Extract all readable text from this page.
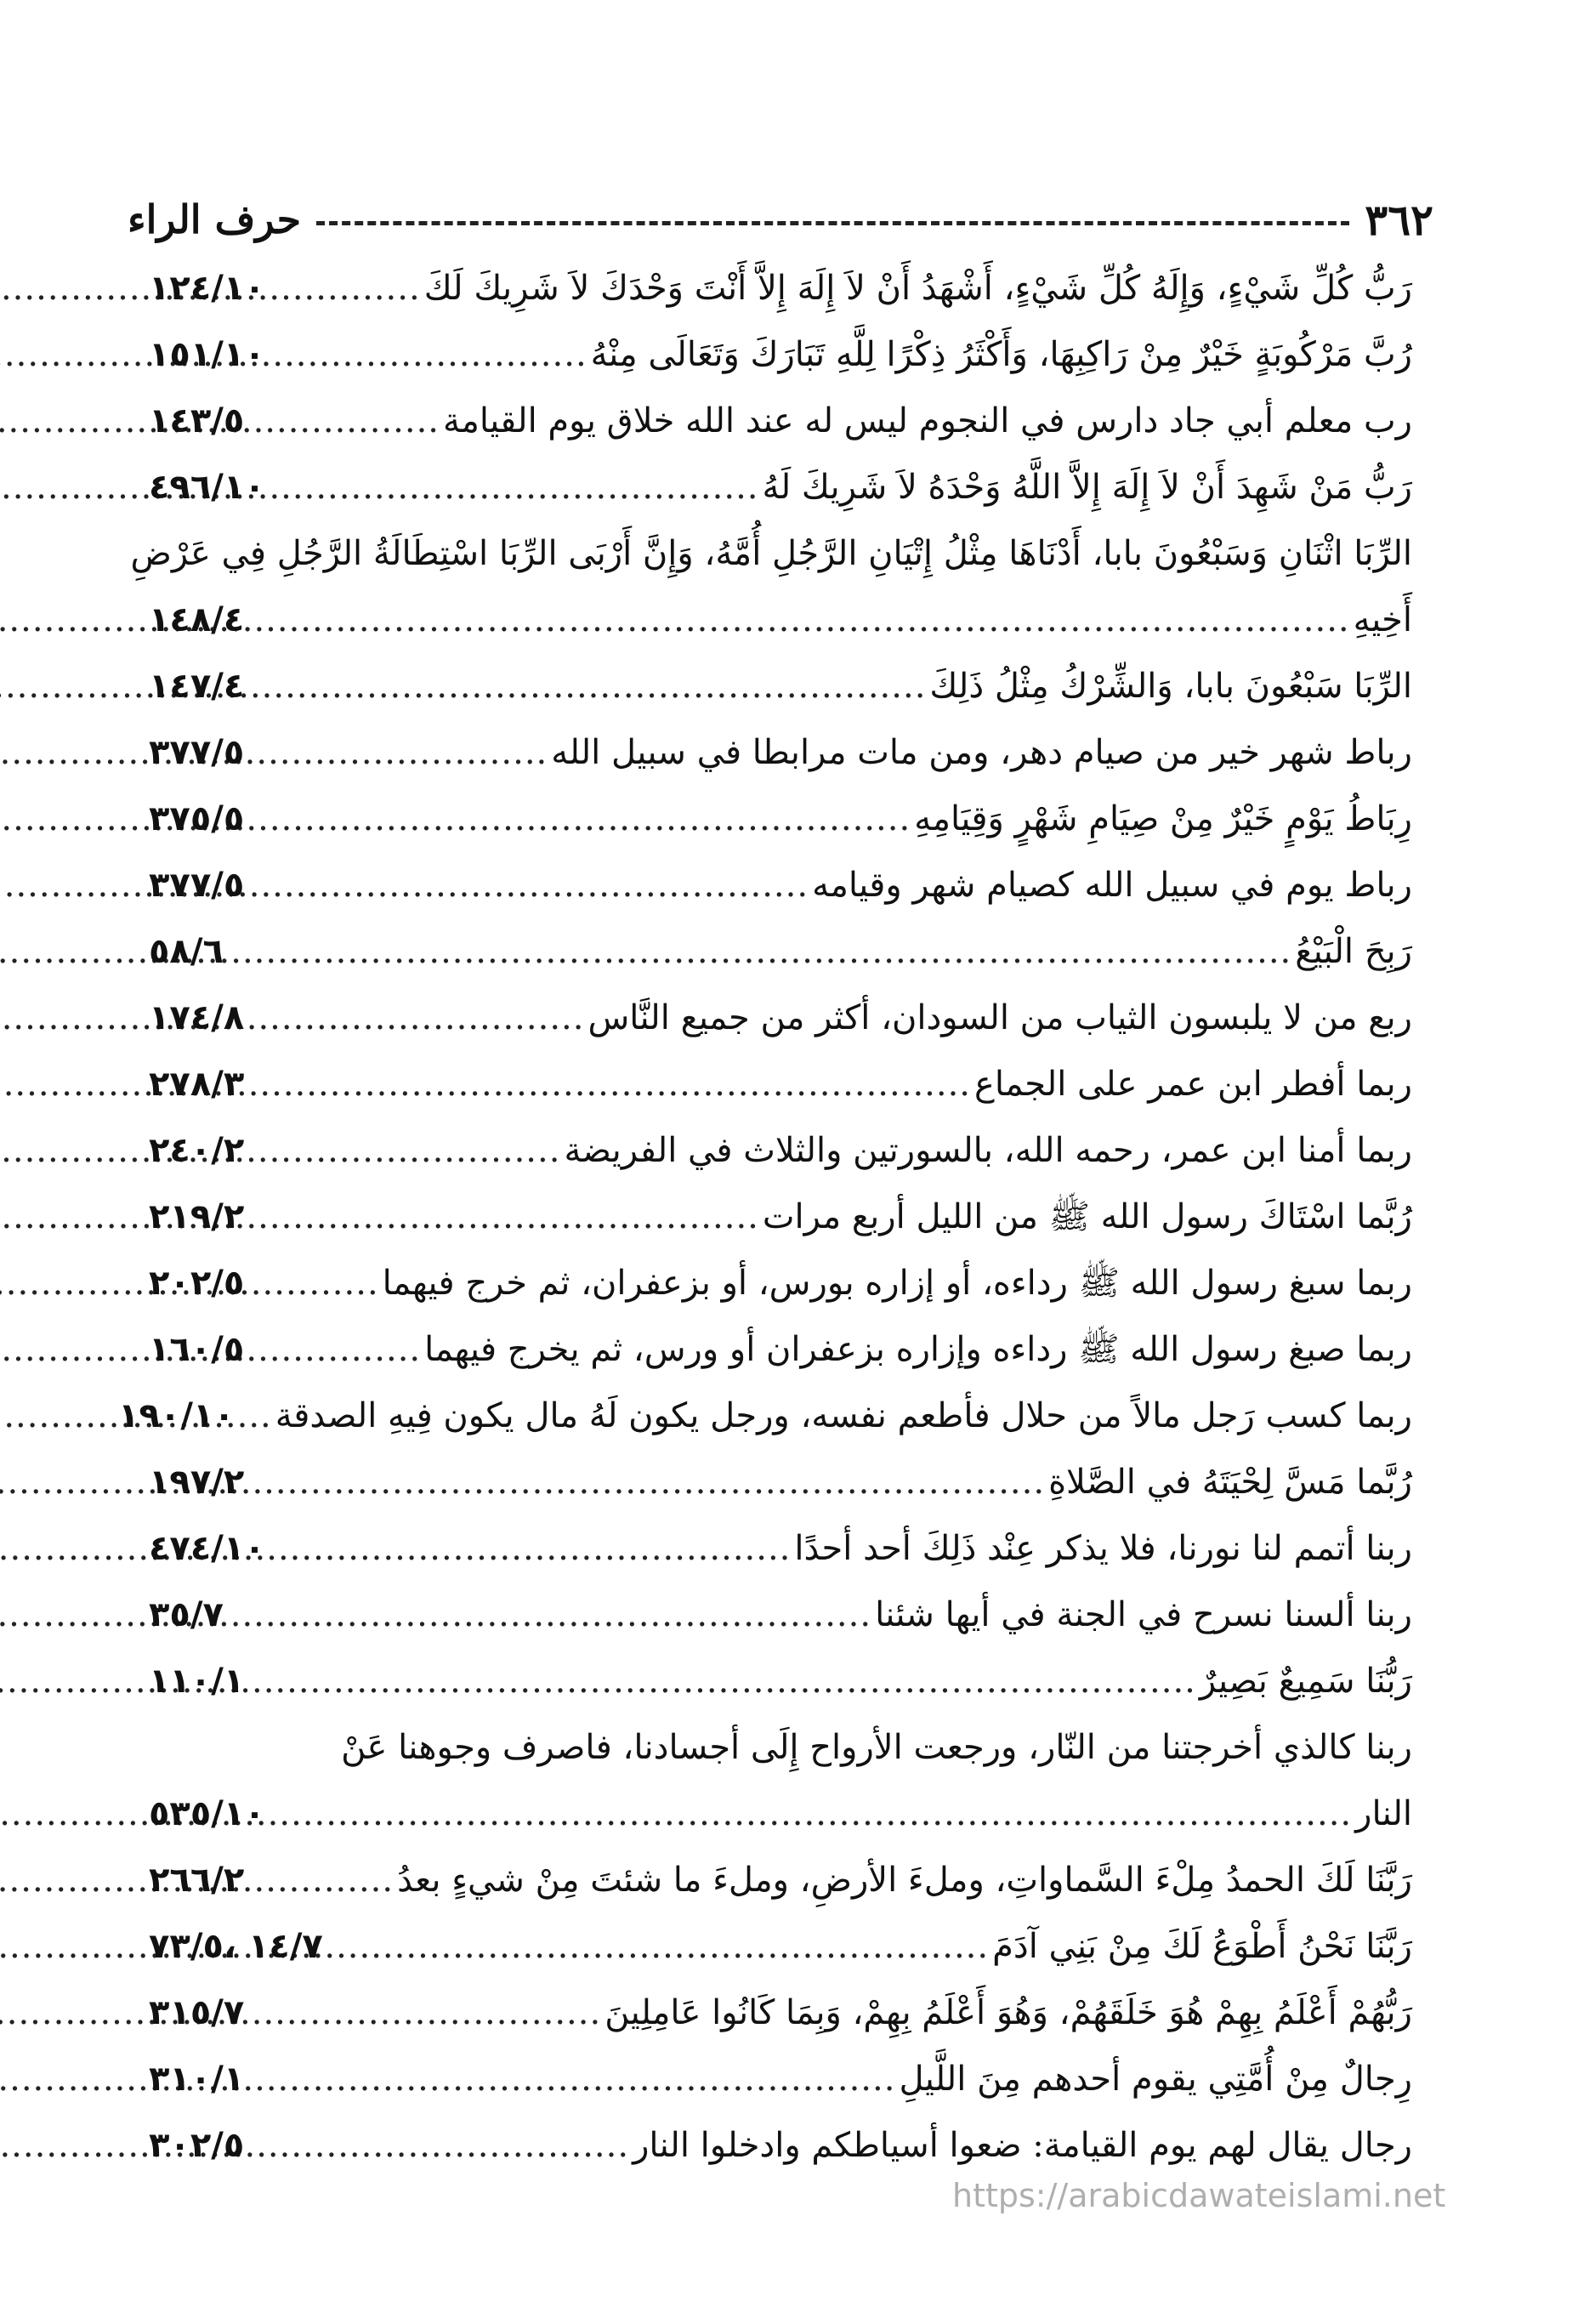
حرف الراء	٣٦٢
رَبُّ كُلِّ شَيْءٍ، وَإِلَهُ كُلِّ شَيْءٍ، أَشْهَدُ أَنْ لاَ إِلَهَ إِلاَّ أَنْتَ وَحْدَكَ لاَ شَرِيكَ لَكَ
.....
١٢٤/١٠
رُبَّ مَرْكُوبَةٍ خَيْرٌ مِنْ رَاكِبِهَا، وَأَكْثَرُ ذِكْرًا لِلَّهِ تَبَارَكَ وَتَعَالَى مِنْهُ
.....
١٥١/١٠
رب معلم أبي جاد دارس في النجوم ليس له عند الله خلاق يوم القيامة
.....
١٤٣/٥
رَبُّ مَنْ شَهِدَ أَنْ لاَ إِلَهَ إِلاَّ اللَّهُ وَحْدَهُ لاَ شَرِيكَ لَهُ
.....
٤٩٦/١٠
الرِّبَا اثْنَانِ وَسَبْعُونَ بابا، أَدْنَاهَا مِثْلُ إِتْيَانِ الرَّجُلِ أُمَّهُ، وَإِنَّ أَرْبَى الرِّبَا اسْتِطَالَةُ الرَّجُلِ فِي عَرْضِ
أَخِيهِ
.....
١٤٨/٤
الرِّبَا سَبْعُونَ بابا، وَالشِّرْكُ مِثْلُ ذَلِكَ
.....
١٤٧/٤
رباط شهر خير من صيام دهر، ومن مات مرابطا في سبيل الله
.....
٣٧٧/٥
رِبَاطُ يَوْمٍ خَيْرٌ مِنْ صِيَامِ شَهْرٍ وَقِيَامِهِ
.....
٣٧٥/٥
رباط يوم في سبيل الله كصيام شهر وقيامه
.....
٣٧٧/٥
رَبِحَ الْبَيْعُ
.....
٥٨/٦
ربع من لا يلبسون الثياب من السودان، أكثر من جميع النَّاس
.....
١٧٤/٨
ربما أفطر ابن عمر على الجماع
.....
٢٧٨/٣
ربما أمنا ابن عمر، رحمه الله، بالسورتين والثلاث في الفريضة
.....
٢٤٠/٢
رُبَّما اسْتَاكَ رسول الله ﷺ من الليل أربع مرات
.....
٢١٩/٢
ربما سبغ رسول الله ﷺ رداءه، أو إزاره بورس، أو بزعفران، ثم خرج فيهما
.....
٢٠٢/٥
ربما صبغ رسول الله ﷺ رداءه وإزاره بزعفران أو ورس، ثم يخرج فيهما
.....
١٦٠/٥
ربما كسب رَجل مالاً من حلال فأطعم نفسه، ورجل يكون لَهُ مال يكون فِيهِ الصدقة
.....
١٩٠/١٠
رُبَّما مَسَّ لِحْيَتَهُ في الصَّلاةِ
.....
١٩٧/٢
ربنا أتمم لنا نورنا، فلا يذكر عِنْد ذَلِكَ أحد أحدًا
.....
٤٧٤/١٠
ربنا ألسنا نسرح في الجنة في أيها شئنا
.....
٣٥/٧
رَبُّنَا سَمِيعٌ بَصِيرٌ
.....
١١٠/١
ربنا كالذي أخرجتنا من النّار، ورجعت الأرواح إِلَى أجسادنا، فاصرف وجوهنا عَنْ
النار
.....
٥٣٥/١٠
رَبَّنَا لَكَ الحمدُ مِلْءَ السَّماواتِ، وملءَ الأرضِ، وملءَ ما شئتَ مِنْ شيءٍ بعدُ
.....
٢٦٦/٢
رَبَّنَا نَحْنُ أَطْوَعُ لَكَ مِنْ بَنِي آدَمَ
.....
١٤/٧ ،٧٣/٥
رَبُّهُمْ أَعْلَمُ بِهِمْ هُوَ خَلَقَهُمْ، وَهُوَ أَعْلَمُ بِهِمْ، وَبِمَا كَانُوا عَامِلِينَ
.....
٣١٥/٧
رِجالٌ مِنْ أُمَّتِي يقوم أحدهم مِنَ اللَّيلِ
.....
٣١٠/١
رجال يقال لهم يوم القيامة: ضعوا أسياطكم وادخلوا النار
.....
٣٠٢/٥
https://arabicdawateislami.net
